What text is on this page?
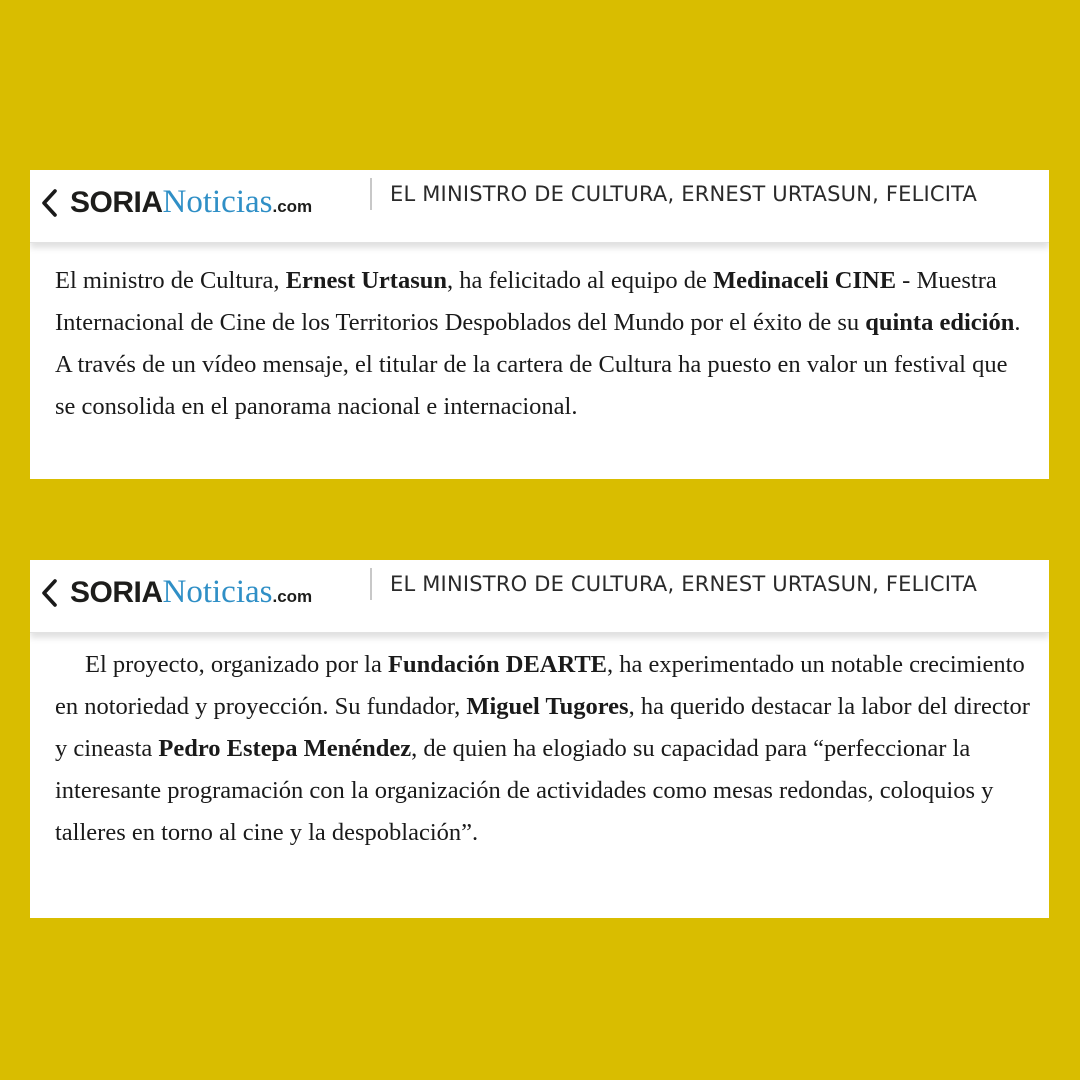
SORIANoticias.com
EL MINISTRO DE CULTURA, ERNEST URTASUN, FELICITA
El ministro de Cultura, Ernest Urtasun, ha felicitado al equipo de Medinaceli CINE - Muestra Internacional de Cine de los Territorios Despoblados del Mundo por el éxito de su quinta edición. A través de un vídeo mensaje, el titular de la cartera de Cultura ha puesto en valor un festival que se consolida en el panorama nacional e internacional.
SORIANoticias.com
EL MINISTRO DE CULTURA, ERNEST URTASUN, FELICITA
El proyecto, organizado por la Fundación DEARTE, ha experimentado un notable crecimiento en notoriedad y proyección. Su fundador, Miguel Tugores, ha querido destacar la labor del director y cineasta Pedro Estepa Menéndez, de quien ha elogiado su capacidad para “perfeccionar la interesante programación con la organización de actividades como mesas redondas, coloquios y talleres en torno al cine y la despoblación”.
